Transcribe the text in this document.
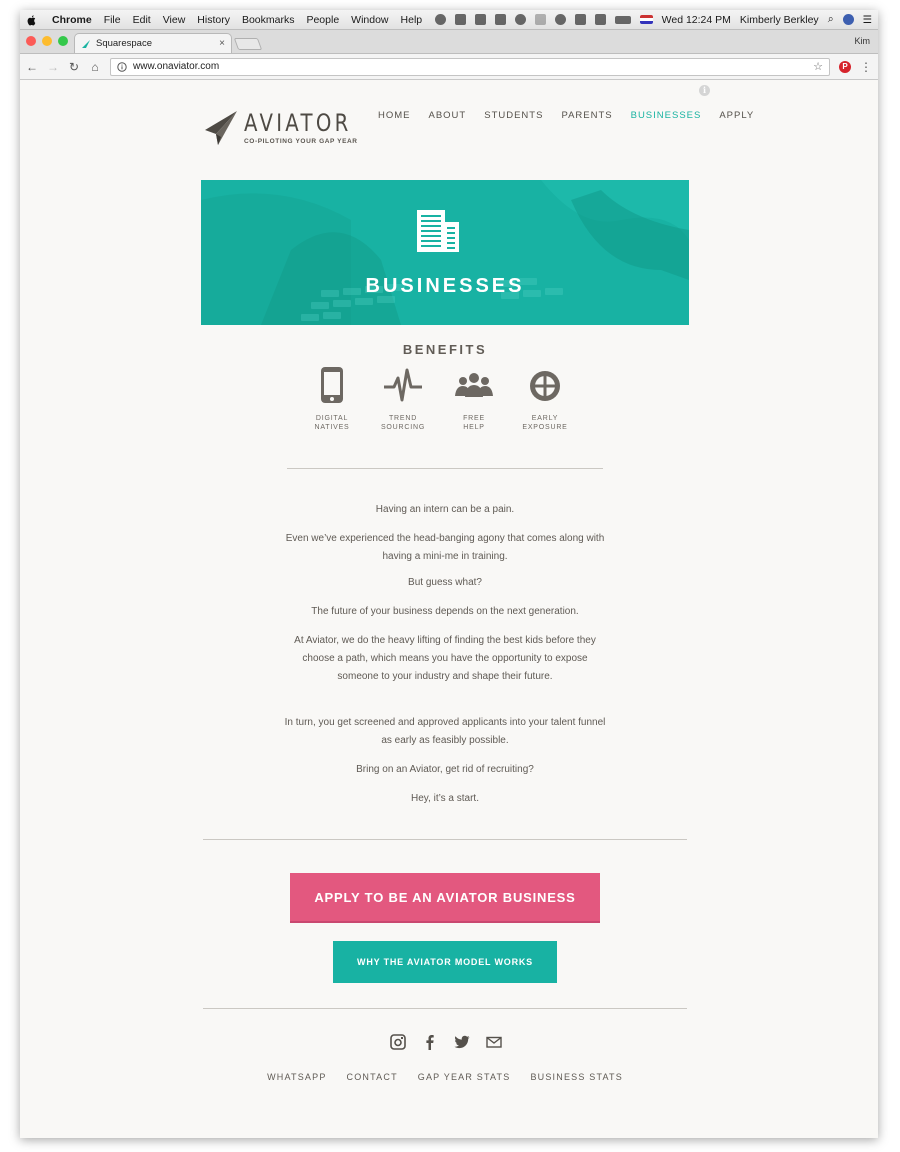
Chrome File Edit View History Bookmarks People Window Help	Wed 12:24 PM Kimberly Berkley ⌕	☰
Squarespace	×	Kim
← → ↻ ⌂	www.onaviator.com	☆	P ⋮
i
AVIATOR
CO-PILOTING YOUR GAP YEAR
HOME ABOUT STUDENTS PARENTS BUSINESSES APPLY
BUSINESSES
BENEFITS
DIGITAL
NATIVES
TREND
SOURCING
FREE
HELP
EARLY
EXPOSURE

Having an intern can be a pain.

Even we’ve experienced the head-banging agony that comes along with having a mini-me in training.

But guess what?

The future of your business depends on the next generation.

At Aviator, we do the heavy lifting of finding the best kids before they choose a path, which means you have the opportunity to expose someone to your industry and shape their future.

In turn, you get screened and approved applicants into your talent funnel as early as feasibly possible.

Bring on an Aviator, get rid of recruiting?

Hey, it’s a start.

APPLY TO BE AN AVIATOR BUSINESS
WHY THE AVIATOR MODEL WORKS
WHATSAPP CONTACT GAP YEAR STATS BUSINESS STATS
